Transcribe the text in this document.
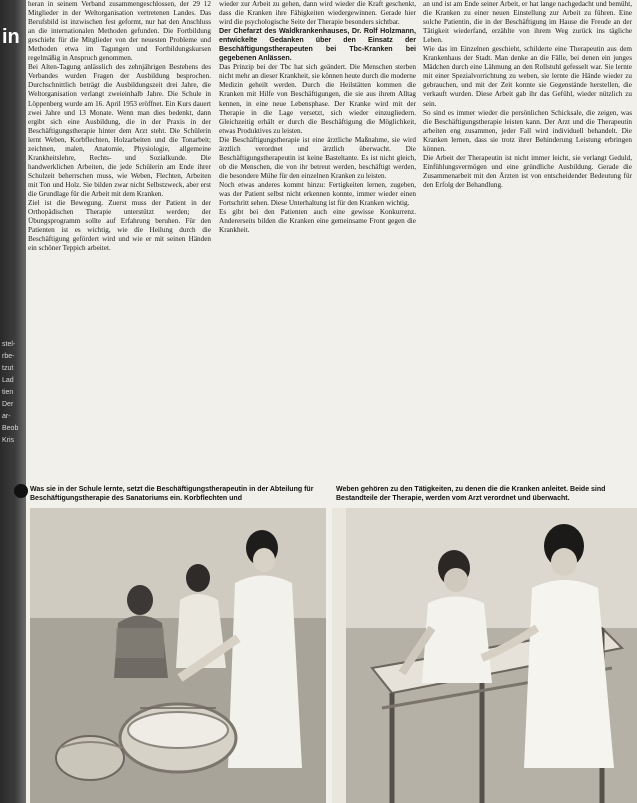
in
stel-
rbe-
tzut
Lad
tien
Der
ar-
Beob
Kris

heran in seinem Verband zusammengeschlossen, der 29 12 Mitglieder in der Weltorganisation vertretenen Landes. Das Berufsbild ist inzwischen fest geformt, nur hat den Anschluss an die internationalen Methoden gefunden. Die Fortbildung geschieht für die Mitglieder von der neuesten Probleme und Methoden etwa im Tagungen und Fortbildungskursen regelmäßig in Anspruch genommen.

Bei Alten-Tagung anlässlich des zehnjährigen Bestehens des Verbandes wurden Fragen der Ausbildung besprochen. Durchschnittlich beträgt die Ausbildungszeit drei Jahre, die Weltorganisation verlangt zweieinhalb Jahre. Die Schule in Löppenberg wurde am 16. April 1953 eröffnet. Ein Kurs dauert zwei Jahre und 13 Monate. Wenn man dies bedenkt, dann ergibt sich eine Ausbildung, die in der Praxis in der Beschäftigungstherapie hinter dem Arzt steht. Die Schülerin lernt Weben, Korbflechten, Holzarbeiten und die Tonarbeit; zeichnen, malen, Anatomie, Physiologie, allgemeine Krankheitslehre, Rechts- und Sozialkunde. Die handwerklichen Arbeiten, die jede Schülerin am Ende ihrer Schulzeit beherrschen muss, wie Weben, Flechten, Arbeiten mit Ton und Holz. Sie bilden zwar nicht Selbstzweck, aber erst die Grundlage für die Arbeit mit dem Kranken.

Ziel ist die Bewegung. Zuerst muss der Patient in der Orthopädischen Therapie unterstützt werden; der Übungsprogramm sollte auf Erfahrung beruhen. Für den Patienten ist es wichtig, wie die Heilung durch die Beschäftigung gefördert wird und wie er mit seinen Händen ein schöner Teppich arbeitet.

wieder zur Arbeit zu gehen, dann wird wieder die Kraft geschenkt, dass die Kranken ihre Fähigkeiten wiedergewinnen. Gerade hier wird die psychologische Seite der Therapie besonders sichtbar.

Der Chefarzt des Waldkrankenhauses, Dr. Rolf Holzmann, entwickelte Gedanken über den Einsatz der Beschäftigungstherapeuten bei Tbc-Kranken bei gegebenen Anlässen.

Das Prinzip bei der Tbc hat sich geändert. Die Menschen sterben nicht mehr an dieser Krankheit, sie können heute durch die moderne Medizin geheilt werden. Durch die Heilstätten kommen die Kranken mit Hilfe von Beschäftigungen, die sie aus ihrem Alltag kennen, in eine neue Lebensphase. Der Kranke wird mit der Therapie in die Lage versetzt, sich wieder einzugliedern. Gleichzeitig erhält er durch die Beschäftigung die Möglichkeit, etwas Produktives zu leisten.

Die Beschäftigungstherapie ist eine ärztliche Maßnahme, sie wird ärztlich verordnet und ärztlich überwacht. Die Beschäftigungstherapeutin ist keine Basteltante. Es ist nicht gleich, ob die Menschen, die von ihr betreut werden, beschäftigt werden, die besondere Mühe für den einzelnen Kranken zu leisten.

Noch etwas anderes kommt hinzu: Fertigkeiten lernen, zugeben, was der Patient selbst nicht erkennen konnte, immer wieder einen Fortschritt sehen. Diese Unterhaltung ist für den Kranken wichtig.

Es gibt bei den Patienten auch eine gewisse Konkurrenz. Andererseits bilden die Kranken eine gemeinsame Front gegen die Krankheit.

an und ist am Ende seiner Arbeit, er hat lange nachgedacht und bemüht, die Kranken zu einer neuen Einstellung zur Arbeit zu führen. Eine solche Patientin, die in der Beschäftigung im Hause die Freude an der Tätigkeit wiederfand, erzählte von ihrem Weg zurück ins tägliche Leben.

Wie das im Einzelnen geschieht, schilderte eine Therapeutin aus dem Krankenhaus der Stadt. Man denke an die Fälle, bei denen ein junges Mädchen durch eine Lähmung an den Rollstuhl gefesselt war. Sie lernte mit einer Spezialvorrichtung zu weben, sie lernte die Hände wieder zu gebrauchen, und mit der Zeit konnte sie Gegenstände herstellen, die verkauft wurden. Diese Arbeit gab ihr das Gefühl, wieder nützlich zu sein.

So sind es immer wieder die persönlichen Schicksale, die zeigen, was die Beschäftigungstherapie leisten kann. Der Arzt und die Therapeutin arbeiten eng zusammen, jeder Fall wird individuell behandelt. Die Kranken lernen, dass sie trotz ihrer Behinderung Leistung erbringen können.

Die Arbeit der Therapeutin ist nicht immer leicht, sie verlangt Geduld, Einfühlungsvermögen und eine gründliche Ausbildung. Gerade die Zusammenarbeit mit den Ärzten ist von entscheidender Bedeutung für den Erfolg der Behandlung.

Was sie in der Schule lernte, setzt die Beschäftigungstherapeutin in der Abteilung für Beschäftigungstherapie des Sanatoriums ein. Korbflechten und
Weben gehören zu den Tätigkeiten, zu denen die die Kranken anleitet. Beide sind Bestandteile der Therapie, werden vom Arzt verordnet und überwacht.
